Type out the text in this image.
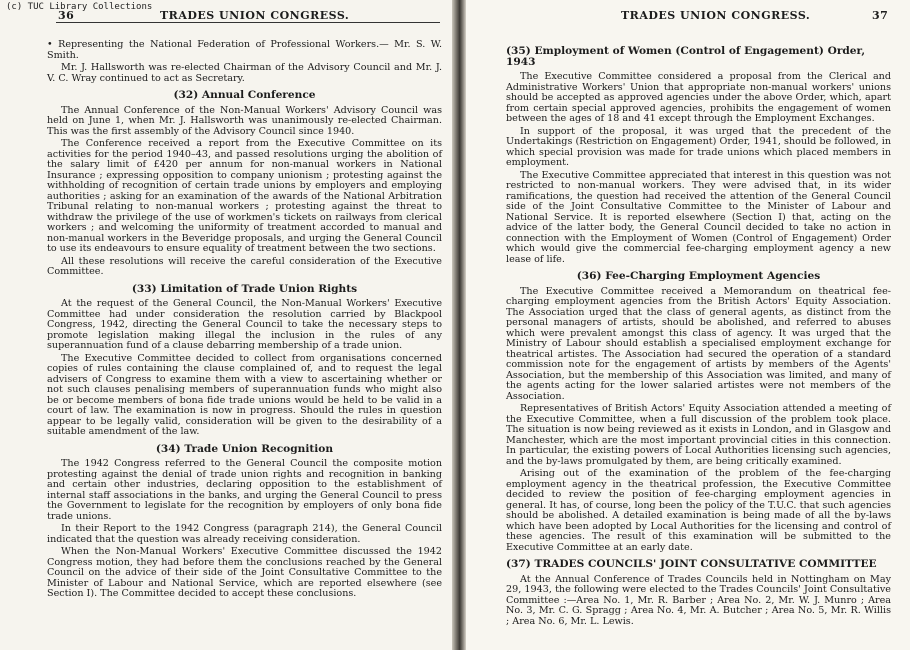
(c) TUC Library Collections
36	TRADES UNION CONGRESS.

• Representing the National Federation of Professional Workers.— Mr. S. W. Smith.

Mr. J. Hallsworth was re-elected Chairman of the Advisory Council and Mr. J. V. C. Wray continued to act as Secretary.

(32) Annual Conference

The Annual Conference of the Non-Manual Workers' Advisory Council was held on June 1, when Mr. J. Hallsworth was unanimously re-elected Chairman. This was the first assembly of the Advisory Council since 1940.

The Conference received a report from the Executive Committee on its activities for the period 1940–43, and passed resolutions urging the abolition of the salary limit of £420 per annum for non-manual workers in National Insurance ; expressing opposition to company unionism ; protesting against the withholding of recognition of certain trade unions by employers and employing authorities ; asking for an examination of the awards of the National Arbitration Tribunal relating to non-manual workers ; protesting against the threat to withdraw the privilege of the use of workmen's tickets on railways from clerical workers ; and welcoming the uniformity of treatment accorded to manual and non-manual workers in the Beveridge proposals, and urging the General Council to use its endeavours to ensure equality of treatment between the two sections.

All these resolutions will receive the careful consideration of the Executive Committee.

(33) Limitation of Trade Union Rights

At the request of the General Council, the Non-Manual Workers' Executive Committee had under consideration the resolution carried by Blackpool Congress, 1942, directing the General Council to take the necessary steps to promote legislation making illegal the inclusion in the rules of any superannuation fund of a clause debarring membership of a trade union.

The Executive Committee decided to collect from organisations concerned copies of rules containing the clause complained of, and to request the legal advisers of Congress to examine them with a view to ascertaining whether or not such clauses penalising members of superannuation funds who might also be or become members of bona fide trade unions would be held to be valid in a court of law. The examination is now in progress. Should the rules in question appear to be legally valid, consideration will be given to the desirability of a suitable amendment of the law.

(34) Trade Union Recognition

The 1942 Congress referred to the General Council the composite motion protesting against the denial of trade union rights and recognition in banking and certain other industries, declaring opposition to the establishment of internal staff associations in the banks, and urging the General Council to press the Government to legislate for the recognition by employers of only bona fide trade unions.

In their Report to the 1942 Congress (paragraph 214), the General Council indicated that the question was already receiving consideration.

When the Non-Manual Workers' Executive Committee discussed the 1942 Congress motion, they had before them the conclusions reached by the General Council on the advice of their side of the Joint Consultative Committee to the Minister of Labour and National Service, which are reported elsewhere (see Section I). The Committee decided to accept these conclusions.

TRADES UNION CONGRESS.	37
(35) Employment of Women (Control of Engagement) Order, 1943

The Executive Committee considered a proposal from the Clerical and Administrative Workers' Union that appropriate non-manual workers' unions should be accepted as approved agencies under the above Order, which, apart from certain special approved agencies, prohibits the engagement of women between the ages of 18 and 41 except through the Employment Exchanges.

In support of the proposal, it was urged that the precedent of the Undertakings (Restriction on Engagement) Order, 1941, should be followed, in which special provision was made for trade unions which placed members in employment.

The Executive Committee appreciated that interest in this question was not restricted to non-manual workers. They were advised that, in its wider ramifications, the question had received the attention of the General Council side of the Joint Consultative Committee to the Minister of Labour and National Service. It is reported elsewhere (Section I) that, acting on the advice of the latter body, the General Council decided to take no action in connection with the Employment of Women (Control of Engagement) Order which would give the commercial fee-charging employment agency a new lease of life.

(36) Fee-Charging Employment Agencies

The Executive Committee received a Memorandum on theatrical fee-charging employment agencies from the British Actors' Equity Association. The Association urged that the class of general agents, as distinct from the personal managers of artists, should be abolished, and referred to abuses which were prevalent amongst this class of agency. It was urged that the Ministry of Labour should establish a specialised employment exchange for theatrical artistes. The Association had secured the operation of a standard commission note for the engagement of artists by members of the Agents' Association, but the membership of this Association was limited, and many of the agents acting for the lower salaried artistes were not members of the Association.

Representatives of British Actors' Equity Association attended a meeting of the Executive Committee, when a full discussion of the problem took place. The situation is now being reviewed as it exists in London, and in Glasgow and Manchester, which are the most important provincial cities in this connection. In particular, the existing powers of Local Authorities licensing such agencies, and the by-laws promulgated by them, are being critically examined.

Arising out of the examination of the problem of the fee-charging employment agency in the theatrical profession, the Executive Committee decided to review the position of fee-charging employment agencies in general. It has, of course, long been the policy of the T.U.C. that such agencies should be abolished. A detailed examination is being made of all the by-laws which have been adopted by Local Authorities for the licensing and control of these agencies. The result of this examination will be submitted to the Executive Committee at an early date.

(37) TRADES COUNCILS' JOINT CONSULTATIVE COMMITTEE

At the Annual Conference of Trades Councils held in Nottingham on May 29, 1943, the following were elected to the Trades Councils' Joint Consultative Committee :—Area No. 1, Mr. R. Barber ; Area No. 2, Mr. W. J. Munro ; Area No. 3, Mr. C. G. Spragg ; Area No. 4, Mr. A. Butcher ; Area No. 5, Mr. R. Willis ; Area No. 6, Mr. L. Lewis.
